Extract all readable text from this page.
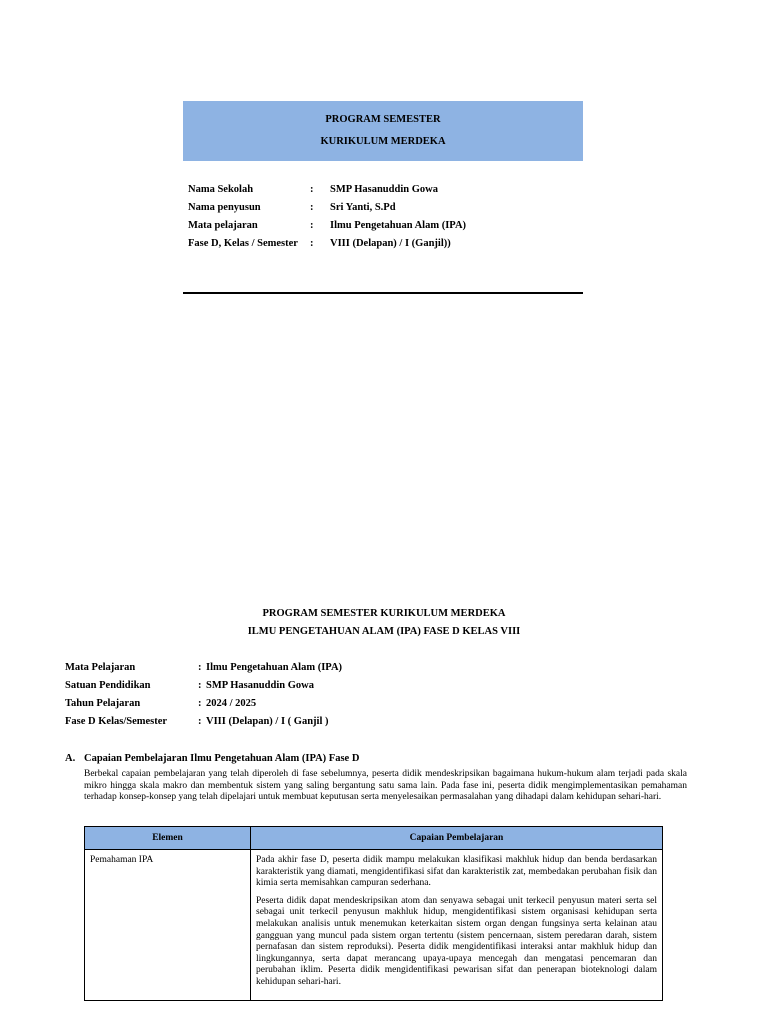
PROGRAM SEMESTER
KURIKULUM MERDEKA
Nama Sekolah	:	SMP Hasanuddin Gowa
Nama penyusun	:	Sri Yanti, S.Pd
Mata pelajaran	:	Ilmu Pengetahuan Alam (IPA)
Fase D, Kelas / Semester	:	VIII (Delapan) / I (Ganjil))
PROGRAM SEMESTER KURIKULUM MERDEKA
ILMU PENGETAHUAN ALAM (IPA) FASE D KELAS VIII
Mata Pelajaran	: Ilmu Pengetahuan Alam (IPA)
Satuan Pendidikan	: SMP Hasanuddin Gowa
Tahun Pelajaran	: 2024 / 2025
Fase D Kelas/Semester	: VIII (Delapan) / I ( Ganjil )
A. Capaian Pembelajaran Ilmu Pengetahuan Alam (IPA) Fase D
Berbekal capaian pembelajaran yang telah diperoleh di fase sebelumnya, peserta didik mendeskripsikan bagaimana hukum-hukum alam terjadi pada skala mikro hingga skala makro dan membentuk sistem yang saling bergantung satu sama lain. Pada fase ini, peserta didik mengimplementasikan pemahaman terhadap konsep-konsep yang telah dipelajari untuk membuat keputusan serta menyelesaikan permasalahan yang dihadapi dalam kehidupan sehari-hari.
Elemen	Capaian Pembelajaran
Pemahaman IPA	Pada akhir fase D, peserta didik mampu melakukan klasifikasi makhluk hidup dan benda berdasarkan karakteristik yang diamati, mengidentifikasi sifat dan karakteristik zat, membedakan perubahan fisik dan kimia serta memisahkan campuran sederhana.

Peserta didik dapat mendeskripsikan atom dan senyawa sebagai unit terkecil penyusun materi serta sel sebagai unit terkecil penyusun makhluk hidup, mengidentifikasi sistem organisasi kehidupan serta melakukan analisis untuk menemukan keterkaitan sistem organ dengan fungsinya serta kelainan atau gangguan yang muncul pada sistem organ tertentu (sistem pencernaan, sistem peredaran darah, sistem pernafasan dan sistem reproduksi). Peserta didik mengidentifikasi interaksi antar makhluk hidup dan lingkungannya, serta dapat merancang upaya-upaya mencegah dan mengatasi pencemaran dan perubahan iklim. Peserta didik mengidentifikasi pewarisan sifat dan penerapan bioteknologi dalam kehidupan sehari-hari.
